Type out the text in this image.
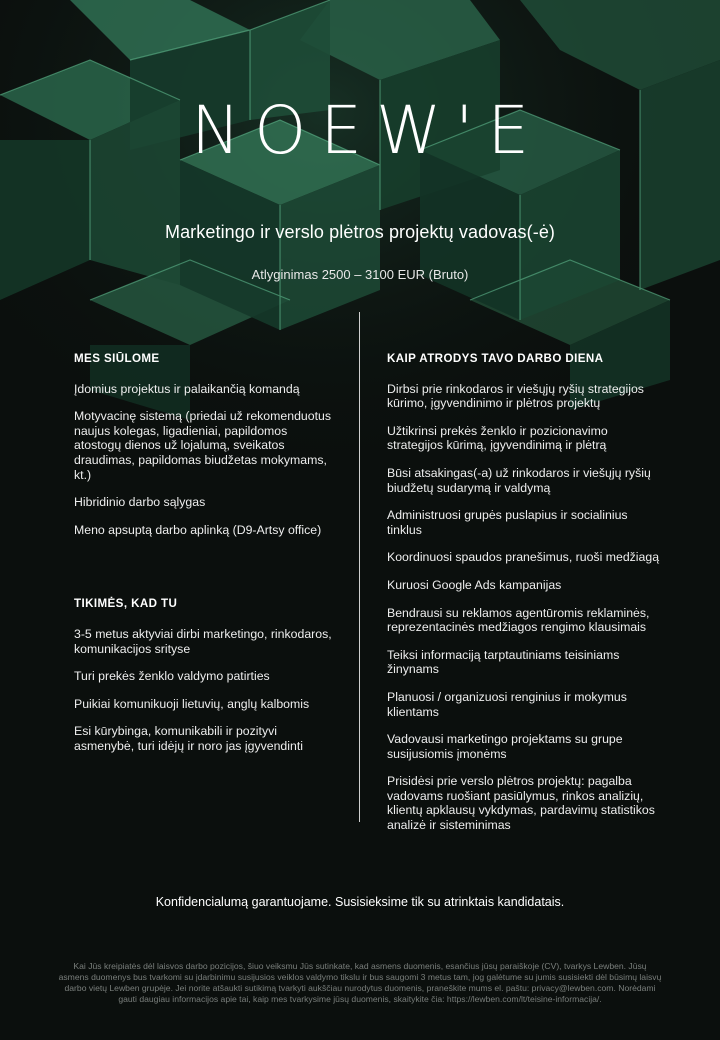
NOEW'E
Marketingo ir verslo plėtros projektų vadovas(-ė)
Atlyginimas 2500 – 3100 EUR (Bruto)
MES SIŪLOME
Įdomius projektus ir palaikančią komandą
Motyvacinę sistemą (priedai už rekomenduotus naujus kolegas, ligadieniai, papildomos atostogų dienos už lojalumą, sveikatos draudimas, papildomas biudžetas mokymams, kt.)
Hibridinio darbo sąlygas
Meno apsuptą darbo aplinką (D9-Artsy office)
TIKIMĖS, KAD TU
3-5 metus aktyviai dirbi marketingo, rinkodaros, komunikacijos srityse
Turi prekės ženklo valdymo patirties
Puikiai komunikuoji lietuvių, anglų kalbomis
Esi kūrybinga, komunikabili ir pozityvi asmenybė, turi idėjų ir noro jas įgyvendinti
KAIP ATRODYS TAVO DARBO DIENA
Dirbsi prie rinkodaros ir viešųjų ryšių strategijos kūrimo, įgyvendinimo ir plėtros projektų
Užtikrinsi prekės ženklo ir pozicionavimo strategijos kūrimą, įgyvendinimą ir plėtrą
Būsi atsakingas(-a) už rinkodaros ir viešųjų ryšių biudžetų sudarymą ir valdymą
Administruosi grupės puslapius ir socialinius tinklus
Koordinuosi spaudos pranešimus, ruoši medžiagą
Kuruosi Google Ads kampanijas
Bendrausi su reklamos agentūromis reklaminės, reprezentacinės medžiagos rengimo klausimais
Teiksi informaciją tarptautiniams teisiniams žinynams
Planuosi / organizuosi renginius ir mokymus klientams
Vadovausi marketingo projektams su grupe susijusiomis įmonėms
Prisidėsi prie verslo plėtros projektų: pagalba vadovams ruošiant pasiūlymus, rinkos analizių, klientų apklausų vykdymas, pardavimų statistikos analizė ir sisteminimas
Konfidencialumą garantuojame. Susisieksime tik su atrinktais kandidatais.
Kai Jūs kreipiatės dėl laisvos darbo pozicijos, šiuo veiksmu Jūs sutinkate, kad asmens duomenis, esančius jūsų paraiškoje (CV), tvarkys Lewben. Jūsų asmens duomenys bus tvarkomi su įdarbinimu susijusios veiklos valdymo tikslu ir bus saugomi 3 metus tam, jog galėtume su jumis susisiekti dėl būsimų laisvų darbo vietų Lewben grupėje. Jei norite atšaukti sutikimą tvarkyti aukščiau nurodytus duomenis, praneškite mums el. paštu: privacy@lewben.com. Norėdami gauti daugiau informacijos apie tai, kaip mes tvarkysime jūsų duomenis, skaitykite čia: https://lewben.com/lt/teisine-informacija/.
